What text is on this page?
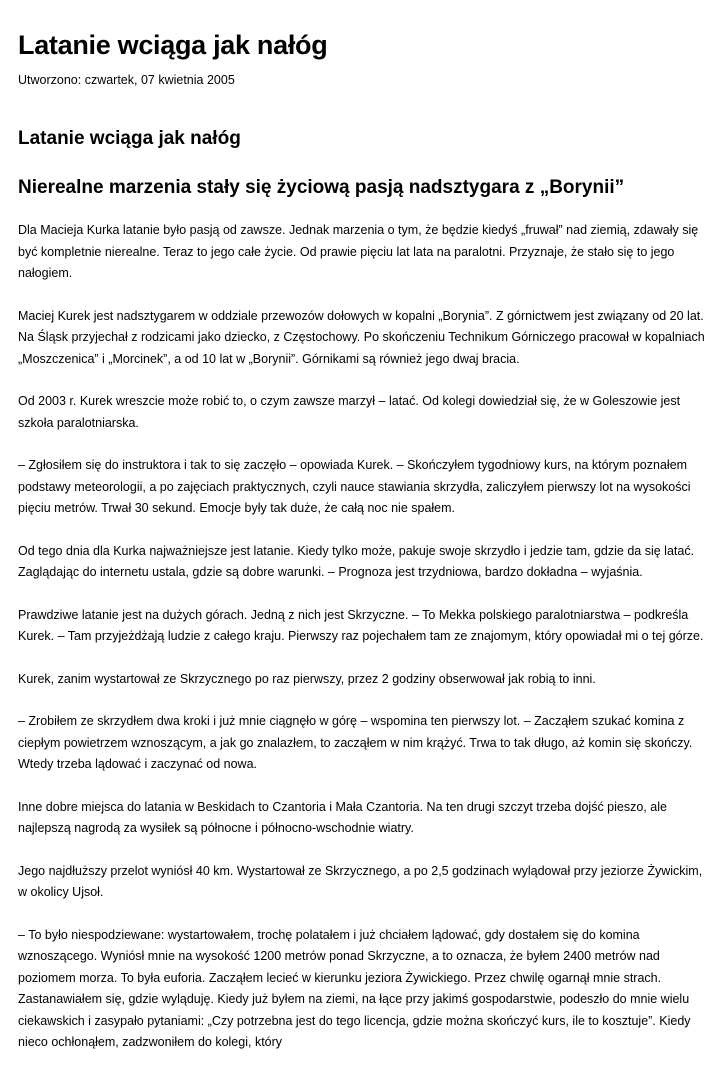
Latanie wciąga jak nałóg
Utworzono: czwartek, 07 kwietnia 2005
Latanie wciąga jak nałóg
Nierealne marzenia stały się życiową pasją nadsztygara z „Borynii”

Dla Macieja Kurka latanie było pasją od zawsze. Jednak marzenia o tym, że będzie kiedyś „fruwał” nad ziemią, zdawały się być kompletnie nierealne. Teraz to jego całe życie. Od prawie pięciu lat lata na paralotni. Przyznaje, że stało się to jego nałogiem.

Maciej Kurek jest nadsztygarem w oddziale przewozów dołowych w kopalni „Borynia”. Z górnictwem jest związany od 20 lat. Na Śląsk przyjechał z rodzicami jako dziecko, z Częstochowy. Po skończeniu Technikum Górniczego pracował w kopalniach „Moszczenica” i „Morcinek”, a od 10 lat w „Borynii”. Górnikami są również jego dwaj bracia.

Od 2003 r. Kurek wreszcie może robić to, o czym zawsze marzył – latać. Od kolegi dowiedział się, że w Goleszowie jest szkoła paralotniarska.

– Zgłosiłem się do instruktora i tak to się zaczęło – opowiada Kurek. – Skończyłem tygodniowy kurs, na którym poznałem podstawy meteorologii, a po zajęciach praktycznych, czyli nauce stawiania skrzydła, zaliczyłem pierwszy lot na wysokości pięciu metrów. Trwał 30 sekund. Emocje były tak duże, że całą noc nie spałem.

Od tego dnia dla Kurka najważniejsze jest latanie. Kiedy tylko może, pakuje swoje skrzydło i jedzie tam, gdzie da się latać. Zaglądając do internetu ustala, gdzie są dobre warunki. – Prognoza jest trzydniowa, bardzo dokładna – wyjaśnia.

Prawdziwe latanie jest na dużych górach. Jedną z nich jest Skrzyczne. – To Mekka polskiego paralotniarstwa – podkreśla Kurek. – Tam przyjeżdżają ludzie z całego kraju. Pierwszy raz pojechałem tam ze znajomym, który opowiadał mi o tej górze.

Kurek, zanim wystartował ze Skrzycznego po raz pierwszy, przez 2 godziny obserwował jak robią to inni.

– Zrobiłem ze skrzydłem dwa kroki i już mnie ciągnęło w górę – wspomina ten pierwszy lot. – Zacząłem szukać komina z ciepłym powietrzem wznoszącym, a jak go znalazłem, to zacząłem w nim krążyć. Trwa to tak długo, aż komin się skończy. Wtedy trzeba lądować i zaczynać od nowa.

Inne dobre miejsca do latania w Beskidach to Czantoria i Mała Czantoria. Na ten drugi szczyt trzeba dojść pieszo, ale najlepszą nagrodą za wysiłek są północne i północno-wschodnie wiatry.

Jego najdłuższy przelot wyniósł 40 km. Wystartował ze Skrzycznego, a po 2,5 godzinach wylądował przy jeziorze Żywickim, w okolicy Ujsoł.

– To było niespodziewane: wystartowałem, trochę polatałem i już chciałem lądować, gdy dostałem się do komina wznoszącego. Wyniósł mnie na wysokość 1200 metrów ponad Skrzyczne, a to oznacza, że byłem 2400 metrów nad poziomem morza. To była euforia. Zacząłem lecieć w kierunku jeziora Żywickiego. Przez chwilę ogarnął mnie strach. Zastanawiałem się, gdzie wyląduję. Kiedy już byłem na ziemi, na łące przy jakimś gospodarstwie, podeszło do mnie wielu ciekawskich i zasypało pytaniami: „Czy potrzebna jest do tego licencja, gdzie można skończyć kurs, ile to kosztuje”. Kiedy nieco ochłonąłem, zadzwoniłem do kolegi, który
